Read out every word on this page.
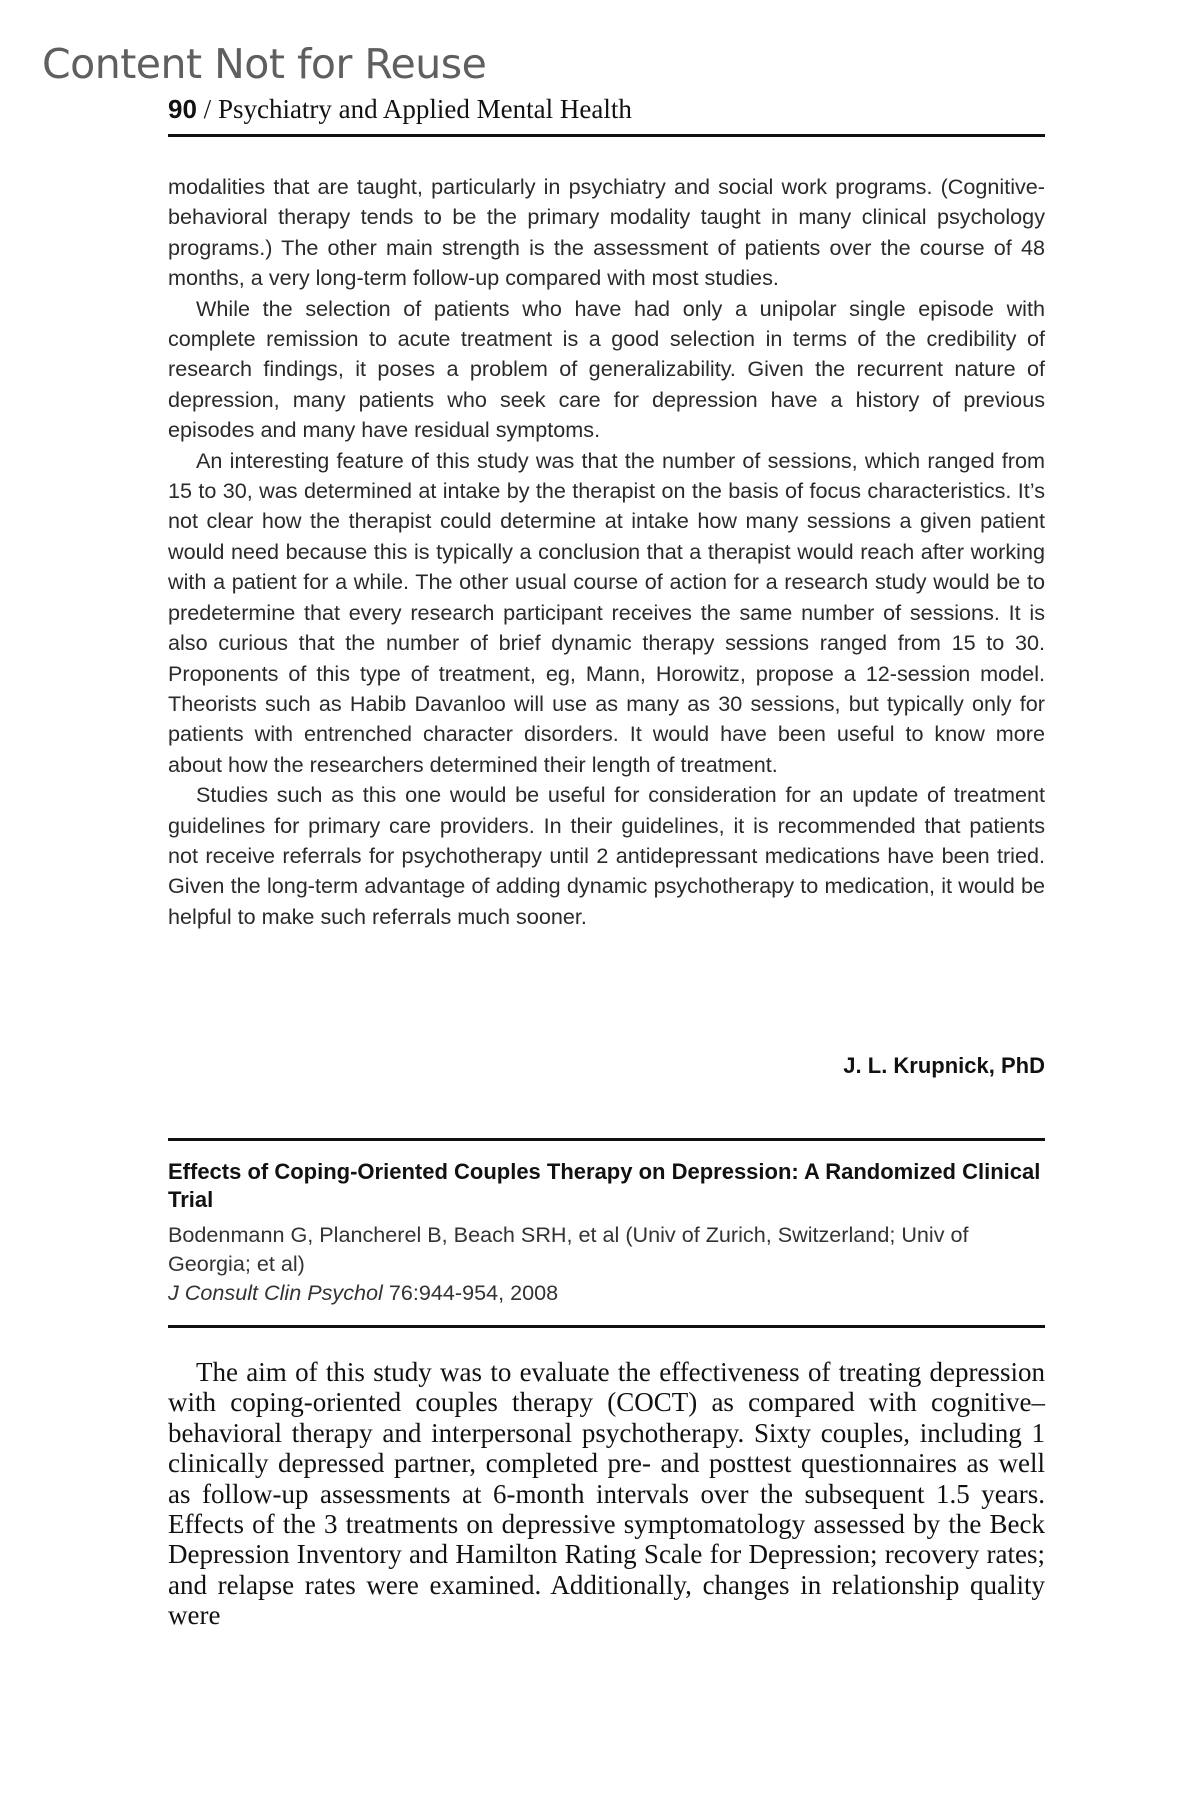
Content Not for Reuse
90 / Psychiatry and Applied Mental Health

modalities that are taught, particularly in psychiatry and social work programs. (Cognitive-behavioral therapy tends to be the primary modality taught in many clinical psychology programs.) The other main strength is the assessment of patients over the course of 48 months, a very long-term follow-up compared with most studies.

While the selection of patients who have had only a unipolar single episode with complete remission to acute treatment is a good selection in terms of the credibility of research findings, it poses a problem of generalizability. Given the recurrent nature of depression, many patients who seek care for depression have a history of previous episodes and many have residual symptoms.

An interesting feature of this study was that the number of sessions, which ranged from 15 to 30, was determined at intake by the therapist on the basis of focus characteristics. It’s not clear how the therapist could determine at intake how many sessions a given patient would need because this is typically a conclusion that a therapist would reach after working with a patient for a while. The other usual course of action for a research study would be to predetermine that every research participant receives the same number of sessions. It is also curious that the number of brief dynamic therapy sessions ranged from 15 to 30. Proponents of this type of treatment, eg, Mann, Horowitz, propose a 12-session model. Theorists such as Habib Davanloo will use as many as 30 sessions, but typically only for patients with entrenched character disorders. It would have been useful to know more about how the researchers determined their length of treatment.

Studies such as this one would be useful for consideration for an update of treatment guidelines for primary care providers. In their guidelines, it is recommended that patients not receive referrals for psychotherapy until 2 antidepressant medications have been tried. Given the long-term advantage of adding dynamic psychotherapy to medication, it would be helpful to make such referrals much sooner.

J. L. Krupnick, PhD

Effects of Coping-Oriented Couples Therapy on Depression: A Randomized Clinical Trial

Bodenmann G, Plancherel B, Beach SRH, et al (Univ of Zurich, Switzerland; Univ of Georgia; et al)

J Consult Clin Psychol 76:944-954, 2008

The aim of this study was to evaluate the effectiveness of treating depression with coping-oriented couples therapy (COCT) as compared with cognitive–behavioral therapy and interpersonal psychotherapy. Sixty couples, including 1 clinically depressed partner, completed pre- and posttest questionnaires as well as follow-up assessments at 6-month intervals over the subsequent 1.5 years. Effects of the 3 treatments on depressive symptomatology assessed by the Beck Depression Inventory and Hamilton Rating Scale for Depression; recovery rates; and relapse rates were examined. Additionally, changes in relationship quality were
